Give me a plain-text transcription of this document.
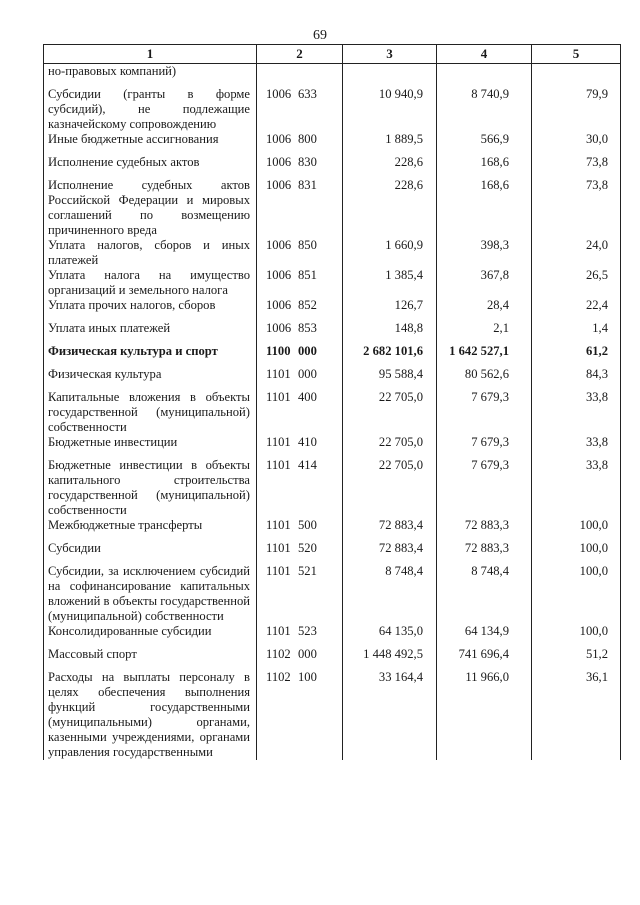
69
1	2	3	4	5
но-правовых компаний)				
Субсидии (гранты в форме субсидий), не подлежащие казначейскому сопровождению	1006 633	10 940,9	8 740,9	79,9
Иные бюджетные ассигнования	1006 800	1 889,5	566,9	30,0
Исполнение судебных актов	1006 830	228,6	168,6	73,8
Исполнение судебных актов Российской Федерации и мировых соглашений по возмещению причиненного вреда	1006 831	228,6	168,6	73,8
Уплата налогов, сборов и иных платежей	1006 850	1 660,9	398,3	24,0
Уплата налога на имущество организаций и земельного налога	1006 851	1 385,4	367,8	26,5
Уплата прочих налогов, сборов	1006 852	126,7	28,4	22,4
Уплата иных платежей	1006 853	148,8	2,1	1,4
Физическая культура и спорт	1100 000	2 682 101,6	1 642 527,1	61,2
Физическая культура	1101 000	95 588,4	80 562,6	84,3
Капитальные вложения в объекты государственной (муниципальной) собственности	1101 400	22 705,0	7 679,3	33,8
Бюджетные инвестиции	1101 410	22 705,0	7 679,3	33,8
Бюджетные инвестиции в объекты капитального строительства государственной (муниципальной) собственности	1101 414	22 705,0	7 679,3	33,8
Межбюджетные трансферты	1101 500	72 883,4	72 883,3	100,0
Субсидии	1101 520	72 883,4	72 883,3	100,0
Субсидии, за исключением субсидий на софинансирование капитальных вложений в объекты государственной (муниципальной) собственности	1101 521	8 748,4	8 748,4	100,0
Консолидированные субсидии	1101 523	64 135,0	64 134,9	100,0
Массовый спорт	1102 000	1 448 492,5	741 696,4	51,2
Расходы на выплаты персоналу в целях обеспечения выполнения функций государственными (муниципальными) органами, казенными учреждениями, органами управления государственными	1102 100	33 164,4	11 966,0	36,1
